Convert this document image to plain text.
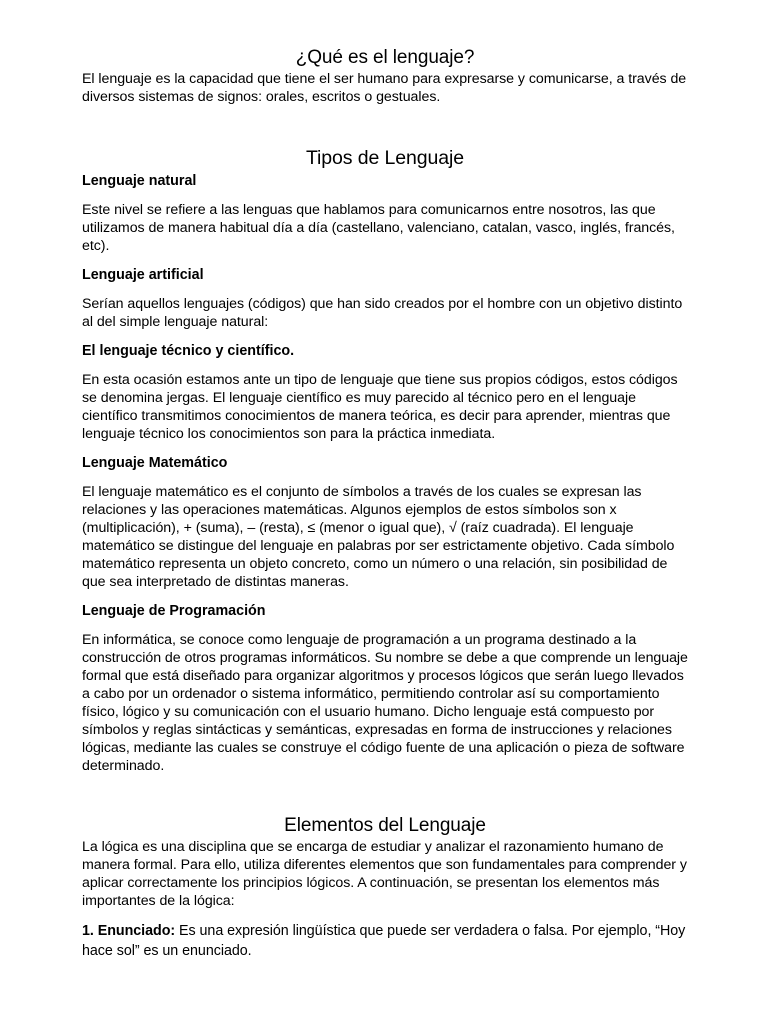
¿Qué es el lenguaje?

El lenguaje es la capacidad que tiene el ser humano para expresarse y comunicarse, a través de diversos sistemas de signos: orales, escritos o gestuales.

Tipos de Lenguaje
Lenguaje natural

Este nivel se refiere a las lenguas que hablamos para comunicarnos entre nosotros, las que utilizamos de manera habitual día a día (castellano, valenciano, catalan, vasco, inglés, francés, etc).

Lenguaje artificial

Serían aquellos lenguajes (códigos) que han sido creados por el hombre con un objetivo distinto al del simple lenguaje natural:

El lenguaje técnico y científico.

En esta ocasión estamos ante un tipo de lenguaje que tiene sus propios códigos, estos códigos se denomina jergas. El lenguaje científico es muy parecido al técnico pero en el lenguaje científico transmitimos conocimientos de manera teórica, es decir para aprender, mientras que lenguaje técnico los conocimientos son para la práctica inmediata.

Lenguaje Matemático

El lenguaje matemático es el conjunto de símbolos a través de los cuales se expresan las relaciones y las operaciones matemáticas. Algunos ejemplos de estos símbolos son x (multiplicación), + (suma), – (resta), ≤ (menor o igual que), √ (raíz cuadrada). El lenguaje matemático se distingue del lenguaje en palabras por ser estrictamente objetivo. Cada símbolo matemático representa un objeto concreto, como un número o una relación, sin posibilidad de que sea interpretado de distintas maneras.

Lenguaje de Programación

En informática, se conoce como lenguaje de programación a un programa destinado a la construcción de otros programas informáticos. Su nombre se debe a que comprende un lenguaje formal que está diseñado para organizar algoritmos y procesos lógicos que serán luego llevados a cabo por un ordenador o sistema informático, permitiendo controlar así su comportamiento físico, lógico y su comunicación con el usuario humano. Dicho lenguaje está compuesto por símbolos y reglas sintácticas y semánticas, expresadas en forma de instrucciones y relaciones lógicas, mediante las cuales se construye el código fuente de una aplicación o pieza de software determinado.

Elementos del Lenguaje

La lógica es una disciplina que se encarga de estudiar y analizar el razonamiento humano de manera formal. Para ello, utiliza diferentes elementos que son fundamentales para comprender y aplicar correctamente los principios lógicos. A continuación, se presentan los elementos más importantes de la lógica:

1. Enunciado: Es una expresión lingüística que puede ser verdadera o falsa. Por ejemplo, “Hoy hace sol” es un enunciado.
